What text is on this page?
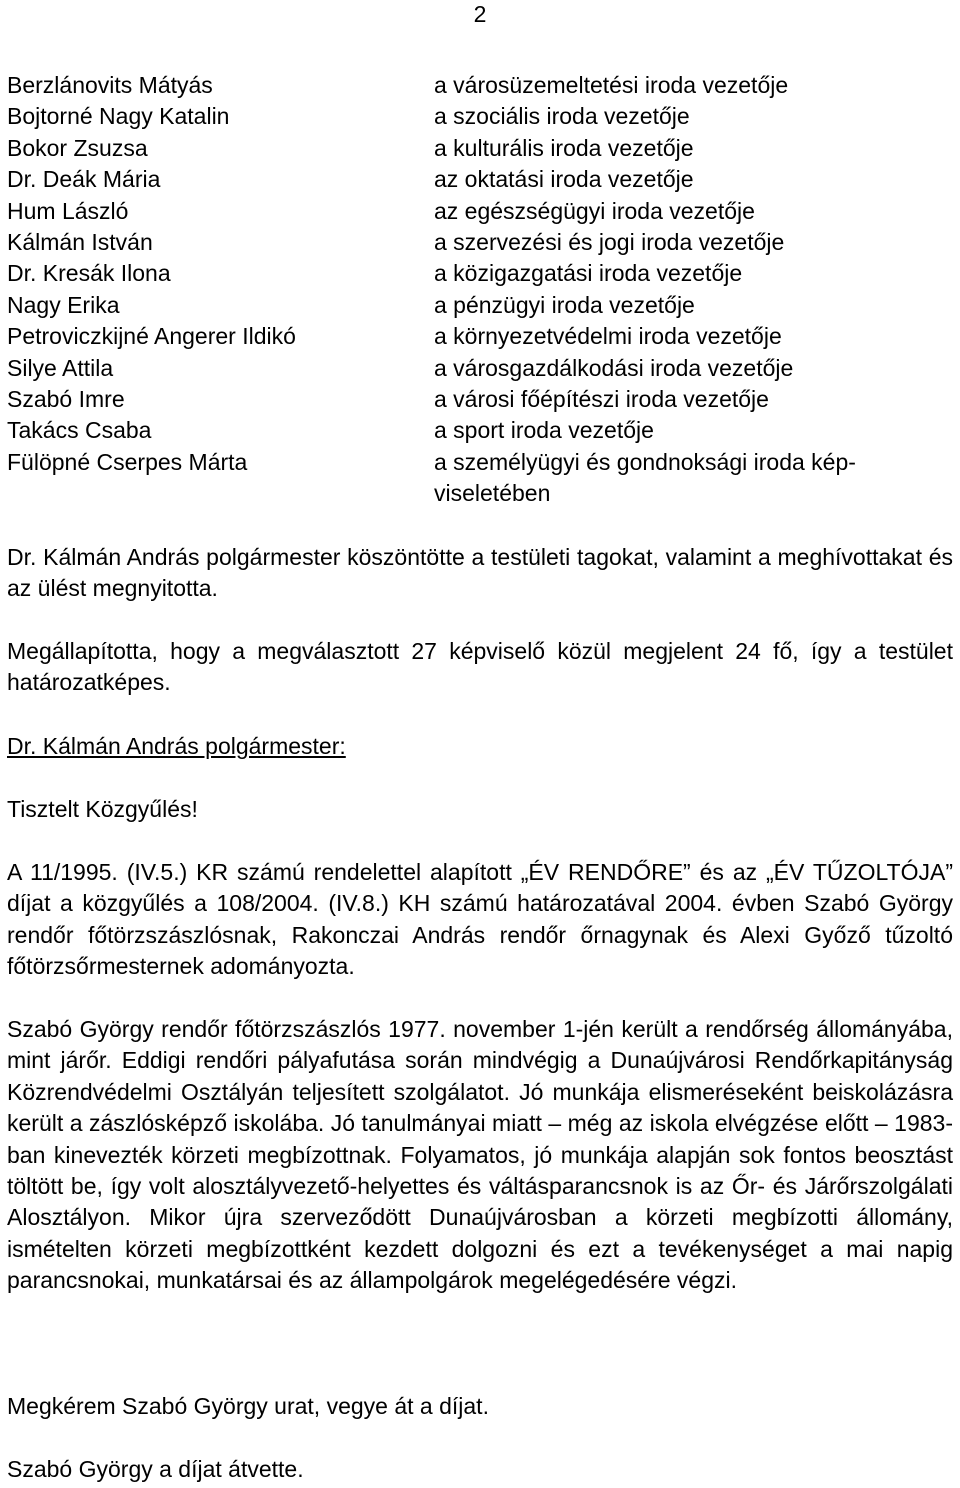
2
Berzlánovits Mátyás	a városüzemeltetési iroda vezetője
Bojtorné Nagy Katalin	a szociális iroda vezetője
Bokor Zsuzsa	a kulturális iroda vezetője
Dr. Deák Mária	az oktatási iroda vezetője
Hum László	az egészségügyi iroda vezetője
Kálmán István	a szervezési és jogi iroda vezetője
Dr. Kresák Ilona	a közigazgatási iroda vezetője
Nagy Erika	a pénzügyi iroda vezetője
Petroviczkijné Angerer Ildikó	a környezetvédelmi iroda vezetője
Silye Attila	a városgazdálkodási iroda vezetője
Szabó Imre	a városi főépítészi iroda vezetője
Takács Csaba	a sport iroda vezetője
Fülöpné Cserpes Márta	a személyügyi és gondnoksági iroda kép-viseletében

Dr. Kálmán András polgármester köszöntötte a testületi tagokat, valamint a meghívottakat és az ülést megnyitotta.

Megállapította, hogy a megválasztott 27 képviselő közül megjelent 24 fő, így a testület határozatképes.

Dr. Kálmán András polgármester:

Tisztelt Közgyűlés!

A 11/1995. (IV.5.) KR számú rendelettel alapított „ÉV RENDŐRE” és az „ÉV TŰZOLTÓJA” díjat a közgyűlés a 108/2004. (IV.8.) KH számú határozatával 2004. évben Szabó György rendőr főtörzszászlósnak, Rakonczai András rendőr őrnagynak és Alexi Győző tűzoltó főtörzsőrmesternek adományozta.

Szabó György rendőr főtörzszászlós 1977. november 1-jén került a rendőrség állományába, mint járőr. Eddigi rendőri pályafutása során mindvégig a Dunaújvárosi Rendőrkapitányság Közrendvédelmi Osztályán teljesített szolgálatot. Jó munkája elismeréseként beiskolázásra került a zászlósképző iskolába. Jó tanulmányai miatt – még az iskola elvégzése előtt – 1983-ban kinevezték körzeti megbízottnak. Folyamatos, jó munkája alapján sok fontos beosztást töltött be, így volt alosztályvezető-helyettes és váltásparancsnok is az Őr- és Járőrszolgálati Alosztályon. Mikor újra szerveződött Dunaújvárosban a körzeti megbízotti állomány, ismételten körzeti megbízottként kezdett dolgozni és ezt a tevékenységet a mai napig parancsnokai, munkatársai és az állampolgárok megelégedésére végzi.

Megkérem Szabó György urat, vegye át a díjat.

Szabó György a díjat átvette.
